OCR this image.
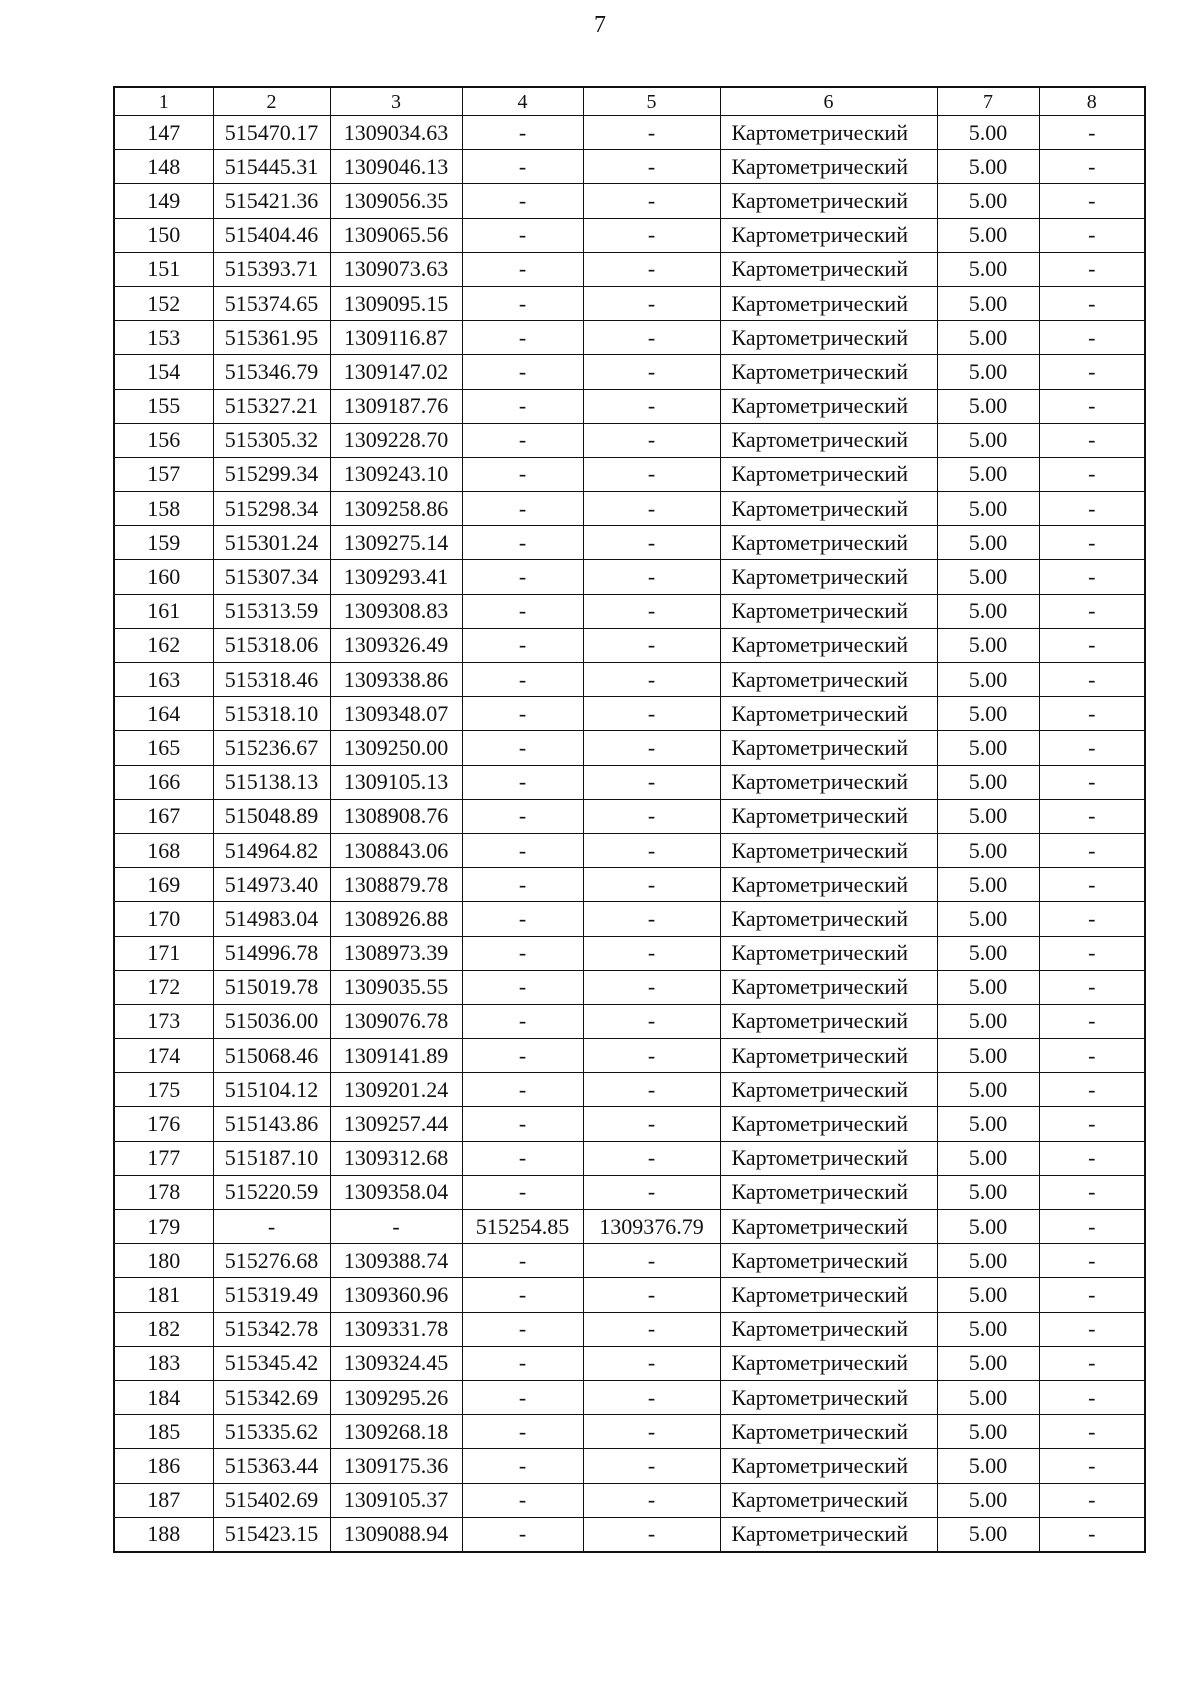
7
1	2	3	4	5	6	7	8
147	515470.17	1309034.63	-	-	Картометрический	5.00	-
148	515445.31	1309046.13	-	-	Картометрический	5.00	-
149	515421.36	1309056.35	-	-	Картометрический	5.00	-
150	515404.46	1309065.56	-	-	Картометрический	5.00	-
151	515393.71	1309073.63	-	-	Картометрический	5.00	-
152	515374.65	1309095.15	-	-	Картометрический	5.00	-
153	515361.95	1309116.87	-	-	Картометрический	5.00	-
154	515346.79	1309147.02	-	-	Картометрический	5.00	-
155	515327.21	1309187.76	-	-	Картометрический	5.00	-
156	515305.32	1309228.70	-	-	Картометрический	5.00	-
157	515299.34	1309243.10	-	-	Картометрический	5.00	-
158	515298.34	1309258.86	-	-	Картометрический	5.00	-
159	515301.24	1309275.14	-	-	Картометрический	5.00	-
160	515307.34	1309293.41	-	-	Картометрический	5.00	-
161	515313.59	1309308.83	-	-	Картометрический	5.00	-
162	515318.06	1309326.49	-	-	Картометрический	5.00	-
163	515318.46	1309338.86	-	-	Картометрический	5.00	-
164	515318.10	1309348.07	-	-	Картометрический	5.00	-
165	515236.67	1309250.00	-	-	Картометрический	5.00	-
166	515138.13	1309105.13	-	-	Картометрический	5.00	-
167	515048.89	1308908.76	-	-	Картометрический	5.00	-
168	514964.82	1308843.06	-	-	Картометрический	5.00	-
169	514973.40	1308879.78	-	-	Картометрический	5.00	-
170	514983.04	1308926.88	-	-	Картометрический	5.00	-
171	514996.78	1308973.39	-	-	Картометрический	5.00	-
172	515019.78	1309035.55	-	-	Картометрический	5.00	-
173	515036.00	1309076.78	-	-	Картометрический	5.00	-
174	515068.46	1309141.89	-	-	Картометрический	5.00	-
175	515104.12	1309201.24	-	-	Картометрический	5.00	-
176	515143.86	1309257.44	-	-	Картометрический	5.00	-
177	515187.10	1309312.68	-	-	Картометрический	5.00	-
178	515220.59	1309358.04	-	-	Картометрический	5.00	-
179	-	-	515254.85	1309376.79	Картометрический	5.00	-
180	515276.68	1309388.74	-	-	Картометрический	5.00	-
181	515319.49	1309360.96	-	-	Картометрический	5.00	-
182	515342.78	1309331.78	-	-	Картометрический	5.00	-
183	515345.42	1309324.45	-	-	Картометрический	5.00	-
184	515342.69	1309295.26	-	-	Картометрический	5.00	-
185	515335.62	1309268.18	-	-	Картометрический	5.00	-
186	515363.44	1309175.36	-	-	Картометрический	5.00	-
187	515402.69	1309105.37	-	-	Картометрический	5.00	-
188	515423.15	1309088.94	-	-	Картометрический	5.00	-
